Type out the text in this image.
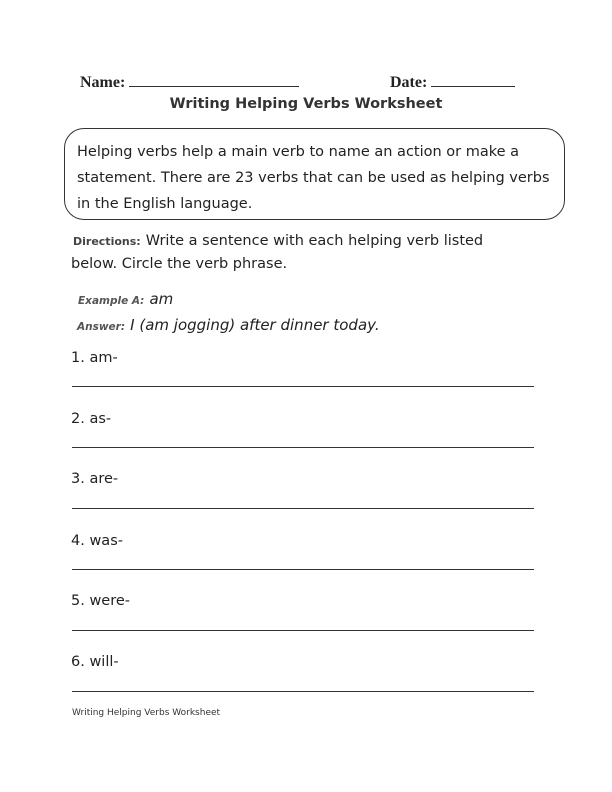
Name:	Date:
Writing Helping Verbs Worksheet
Helping verbs help a main verb to name an action or make a statement. There are 23 verbs that can be used as helping verbs in the English language.
Directions: Write a sentence with each helping verb listed
below. Circle the verb phrase.
Example A: am
Answer: I (am jogging) after dinner today.
1. am-
2. as-
3. are-
4. was-
5. were-
6. will-
Writing Helping Verbs Worksheet
